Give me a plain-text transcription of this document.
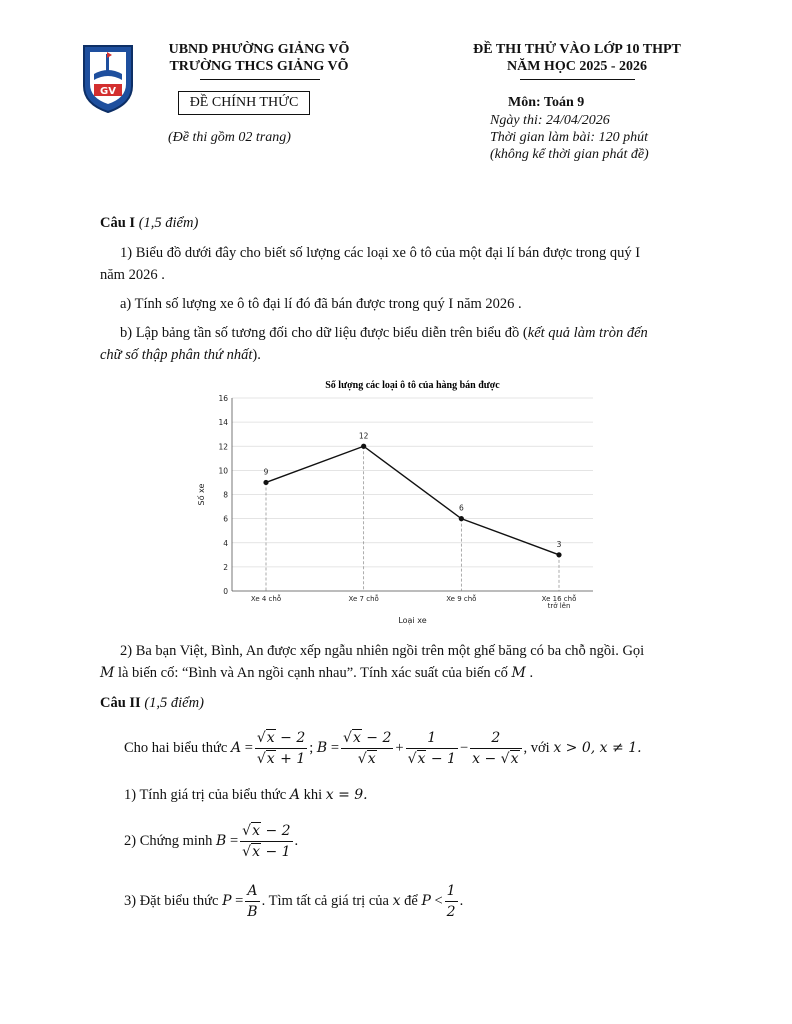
GV
UBND PHƯỜNG GIẢNG VÕ
TRƯỜNG THCS GIẢNG VÕ
ĐỀ CHÍNH THỨC
(Đề thi gồm 02 trang)
ĐỀ THI THỬ VÀO LỚP 10 THPT
NĂM HỌC 2025 - 2026
Môn: Toán 9
Ngày thi: 24/04/2026
Thời gian làm bài: 120 phút
(không kể thời gian phát đề)
Câu I (1,5 điểm)
1) Biểu đồ dưới đây cho biết số lượng các loại xe ô tô của một đại lí bán được trong quý I
năm 2026 .
a) Tính số lượng xe ô tô đại lí đó đã bán được trong quý I năm 2026 .
b) Lập bảng tần số tương đối cho dữ liệu được biểu diễn trên biểu đồ (kết quả làm tròn đến
chữ số thập phân thứ nhất).
Số lượng các loại ô tô của hàng bán được
0
2
4
6
8
10
12
14
16
9
12
6
3
Xe 4 chỗ	Xe 7 chỗ	Xe 9 chỗ	Xe 16 chỗ
trở lên
Loại xe
Số xe
2) Ba bạn Việt, Bình, An được xếp ngẫu nhiên ngồi trên một ghế băng có ba chỗ ngồi. Gọi
M là biến cố: “Bình và An ngồi cạnh nhau”. Tính xác suất của biến cố M .
Câu II (1,5 điểm)
Cho hai biểu thức
A
= $\frac{√x - 2}{√x + 1}$ ;
B
= $\frac{√x - 2}{√x} + \frac{1}{√x - 1} - \frac{2}{x - √x}$ , với
x > 0, x ≠ 1.
1) Tính giá trị của biểu thức
A
khi
x = 9.
2) Chứng minh
B
= $\frac{√x - 2}{√x - 1}$ .
3) Đặt biểu thức
P
= $\frac{A}{B}$ . Tìm tất cả giá trị của
x
để
P
< $\frac{1}{2}$ .
